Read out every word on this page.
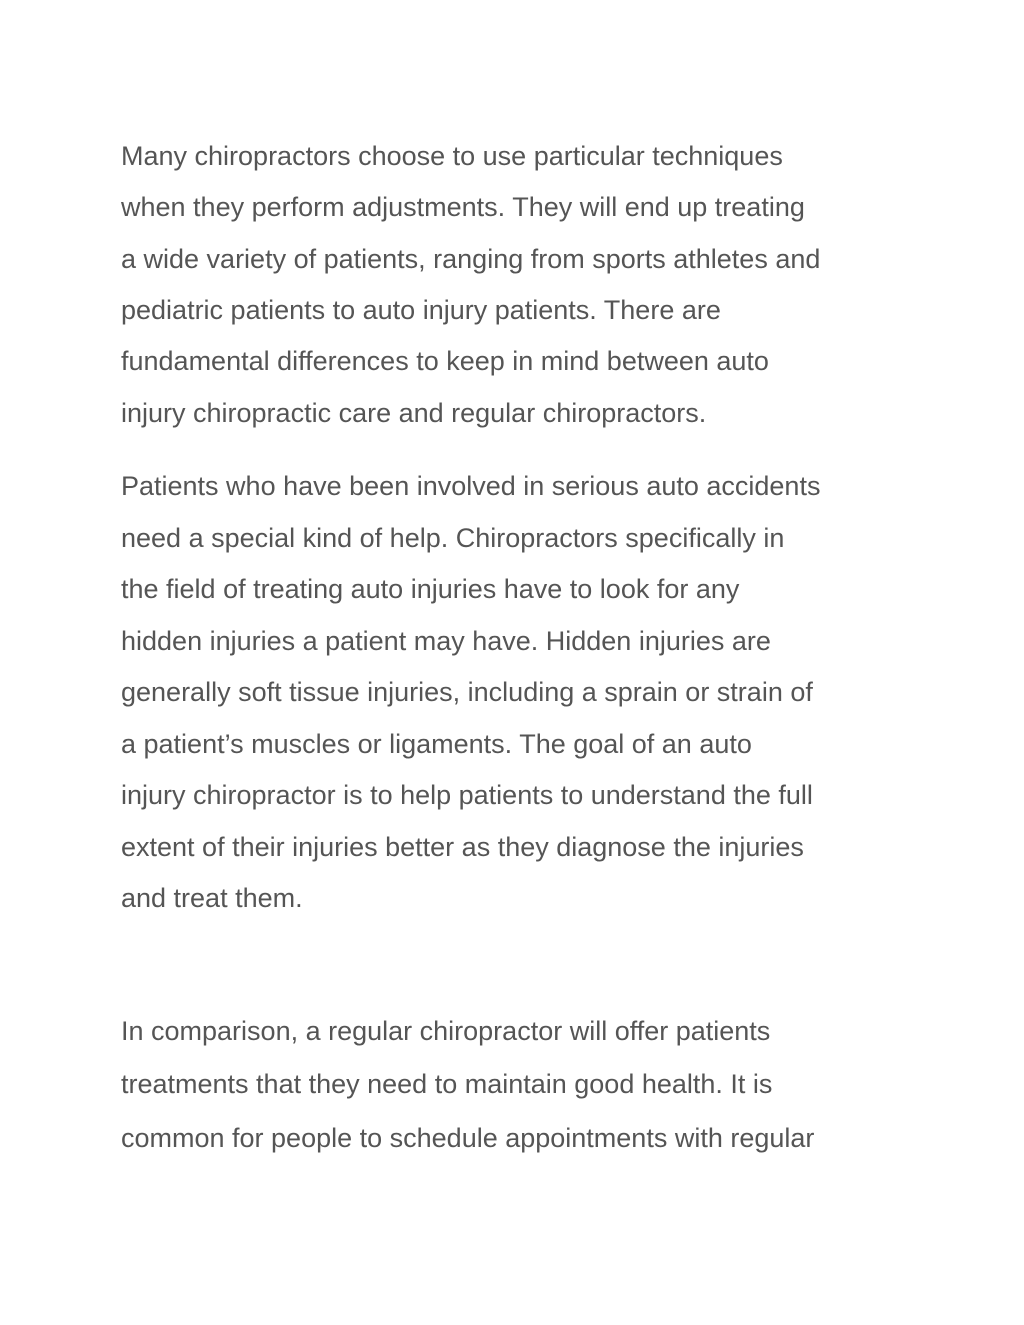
Many chiropractors choose to use particular techniques

when they perform adjustments. They will end up treating

a wide variety of patients, ranging from sports athletes and

pediatric patients to auto injury patients. There are

fundamental differences to keep in mind between auto

injury chiropractic care and regular chiropractors.

Patients who have been involved in serious auto accidents

need a special kind of help. Chiropractors specifically in

the field of treating auto injuries have to look for any

hidden injuries a patient may have. Hidden injuries are

generally soft tissue injuries, including a sprain or strain of

a patient’s muscles or ligaments. The goal of an auto

injury chiropractor is to help patients to understand the full

extent of their injuries better as they diagnose the injuries

and treat them.

In comparison, a regular chiropractor will offer patients

treatments that they need to maintain good health. It is

common for people to schedule appointments with regular
